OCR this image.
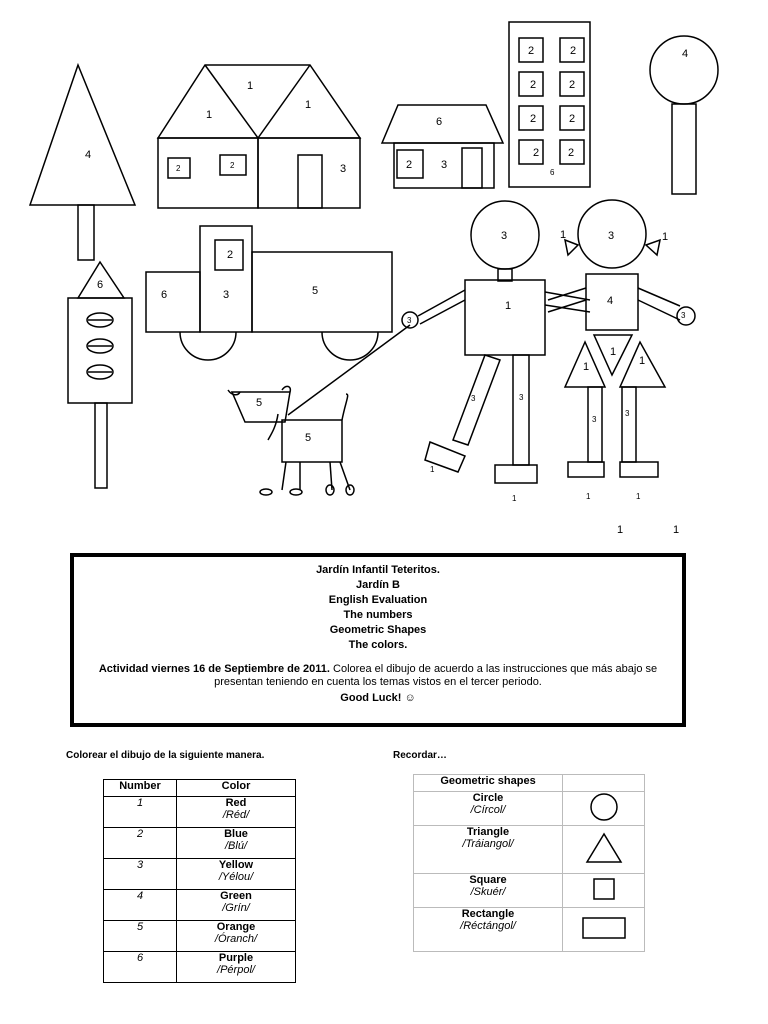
4
1
1
1
2	2	3
6
2	3
2	2
2	2
2	2
2	2
6
4
6
2
6	3	5
3
1
3
3	3
1
1
3
1	1
4
3
1
1	1
3
3
1	1
5
5
1	1
Jardín Infantil Teteritos.
Jardín B
English Evaluation
The numbers
Geometric Shapes
The colors.
Actividad viernes 16 de Septiembre de 2011. Colorea el dibujo de acuerdo a las instrucciones que más abajo se presentan teniendo en cuenta los temas vistos en el tercer periodo.
Good Luck! ☺
Colorear el dibujo de la siguiente manera.	Recordar…
Number	Color
1	Red
/Réd/

2	Blue
/Blú/

3	Yellow
/Yélou/

4	Green
/Grín/

5	Orange
/Óranch/

6	Purple
/Pérpol/
Geometric shapes	

Circle
/Círcol/

Triangle
/Tráiangol/

Square
/Skuér/

Rectangle
/Réctángol/
